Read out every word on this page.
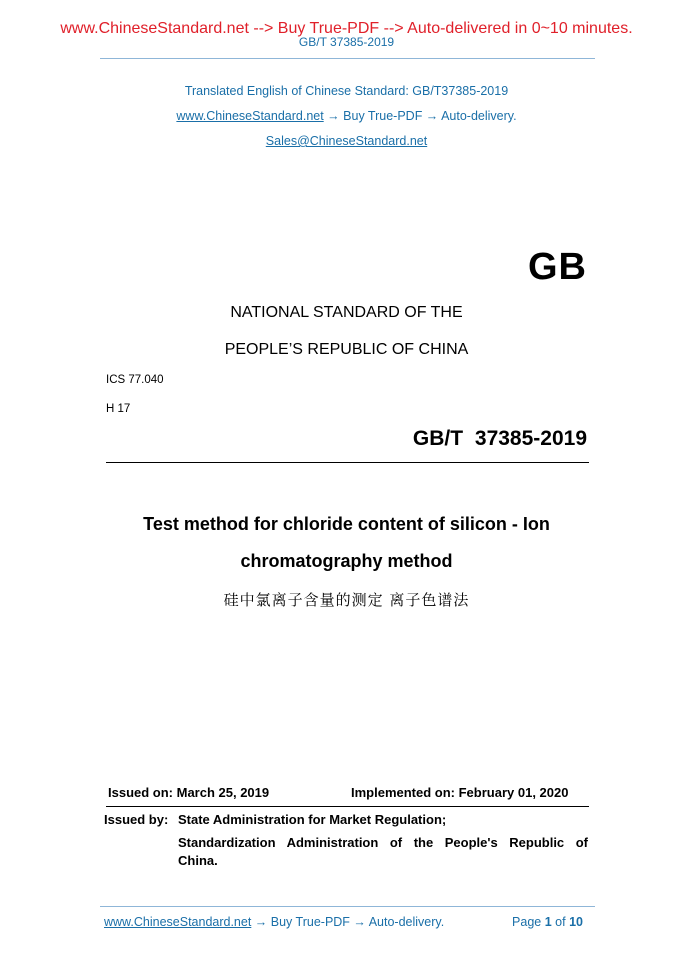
www.ChineseStandard.net --> Buy True-PDF --> Auto-delivered in 0~10 minutes.
GB/T 37385-2019
Translated English of Chinese Standard: GB/T37385-2019
www.ChineseStandard.net → Buy True-PDF → Auto-delivery.
Sales@ChineseStandard.net
GB
NATIONAL STANDARD OF THE
PEOPLE’S REPUBLIC OF CHINA
ICS 77.040
H 17
GB/T 37385-2019
Test method for chloride content of silicon - Ion
chromatography method
硅中氯离子含量的测定 离子色谱法
Issued on: March 25, 2019	Implemented on: February 01, 2020
Issued by: State Administration for Market Regulation;
Standardization Administration of the People's Republic of
China.
www.ChineseStandard.net → Buy True-PDF → Auto-delivery.	Page 1 of 10
